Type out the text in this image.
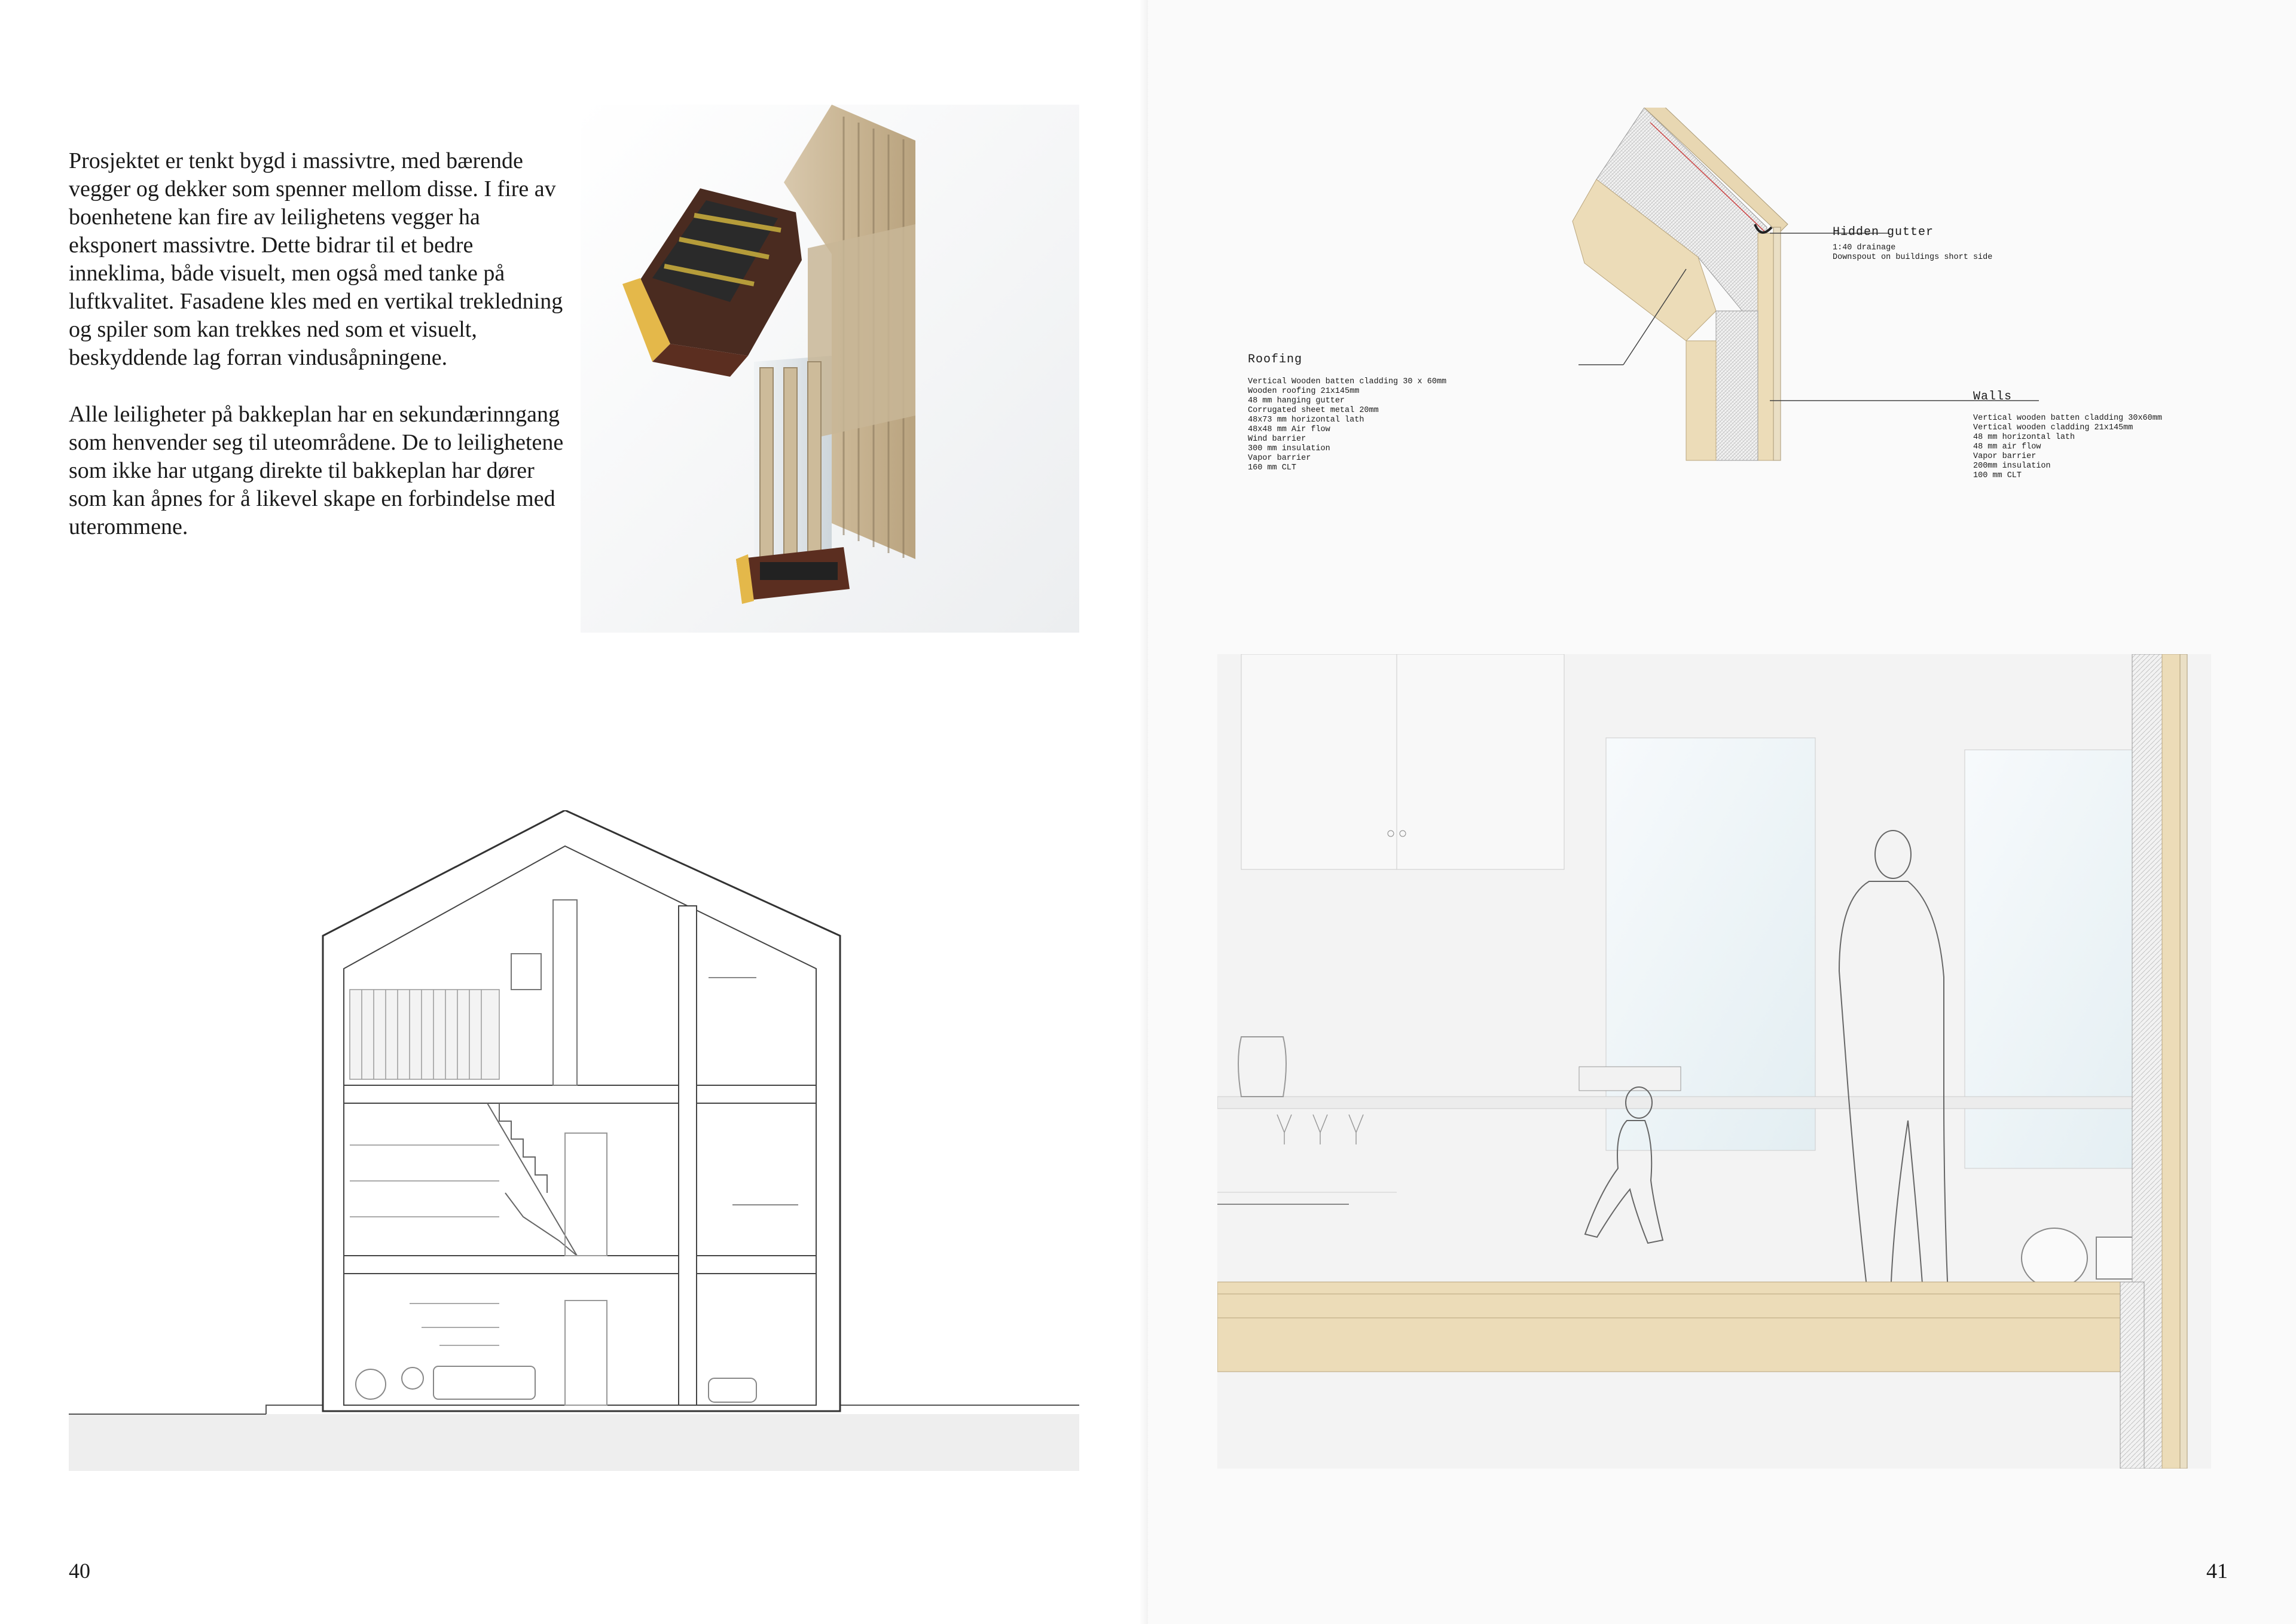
Prosjektet er tenkt bygd i massivtre, med bærende vegger og dekker som spenner mellom disse. I fire av boenhetene kan fire av leilighetens vegger ha eksponert massivtre. Dette bidrar til et bedre inneklima, både visuelt, men også med tanke på luftkvalitet. Fasadene kles med en vertikal trekledning og spiler som kan trekkes ned som et visuelt, beskyddende lag forran vindusåpningene.

Alle leiligheter på bakkeplan har en sekundærinngang som henvender seg til uteområdene. De to leilighetene som ikke har utgang direkte til bakkeplan har dører som kan åpnes for å likevel skape en forbindelse med uterommene.

40
Hidden gutter
1:40 drainage
Downspout on buildings short side
Roofing
Vertical Wooden batten cladding 30 x 60mm
Wooden roofing 21x145mm
48 mm hanging gutter
Corrugated sheet metal 20mm
48x73 mm horizontal lath
48x48 mm Air flow
Wind barrier
300 mm insulation
Vapor barrier
160 mm CLT
Walls
Vertical wooden batten cladding 30x60mm
Vertical wooden cladding 21x145mm
48 mm horizontal lath
48 mm air flow
Vapor barrier
200mm insulation
100 mm CLT
41
